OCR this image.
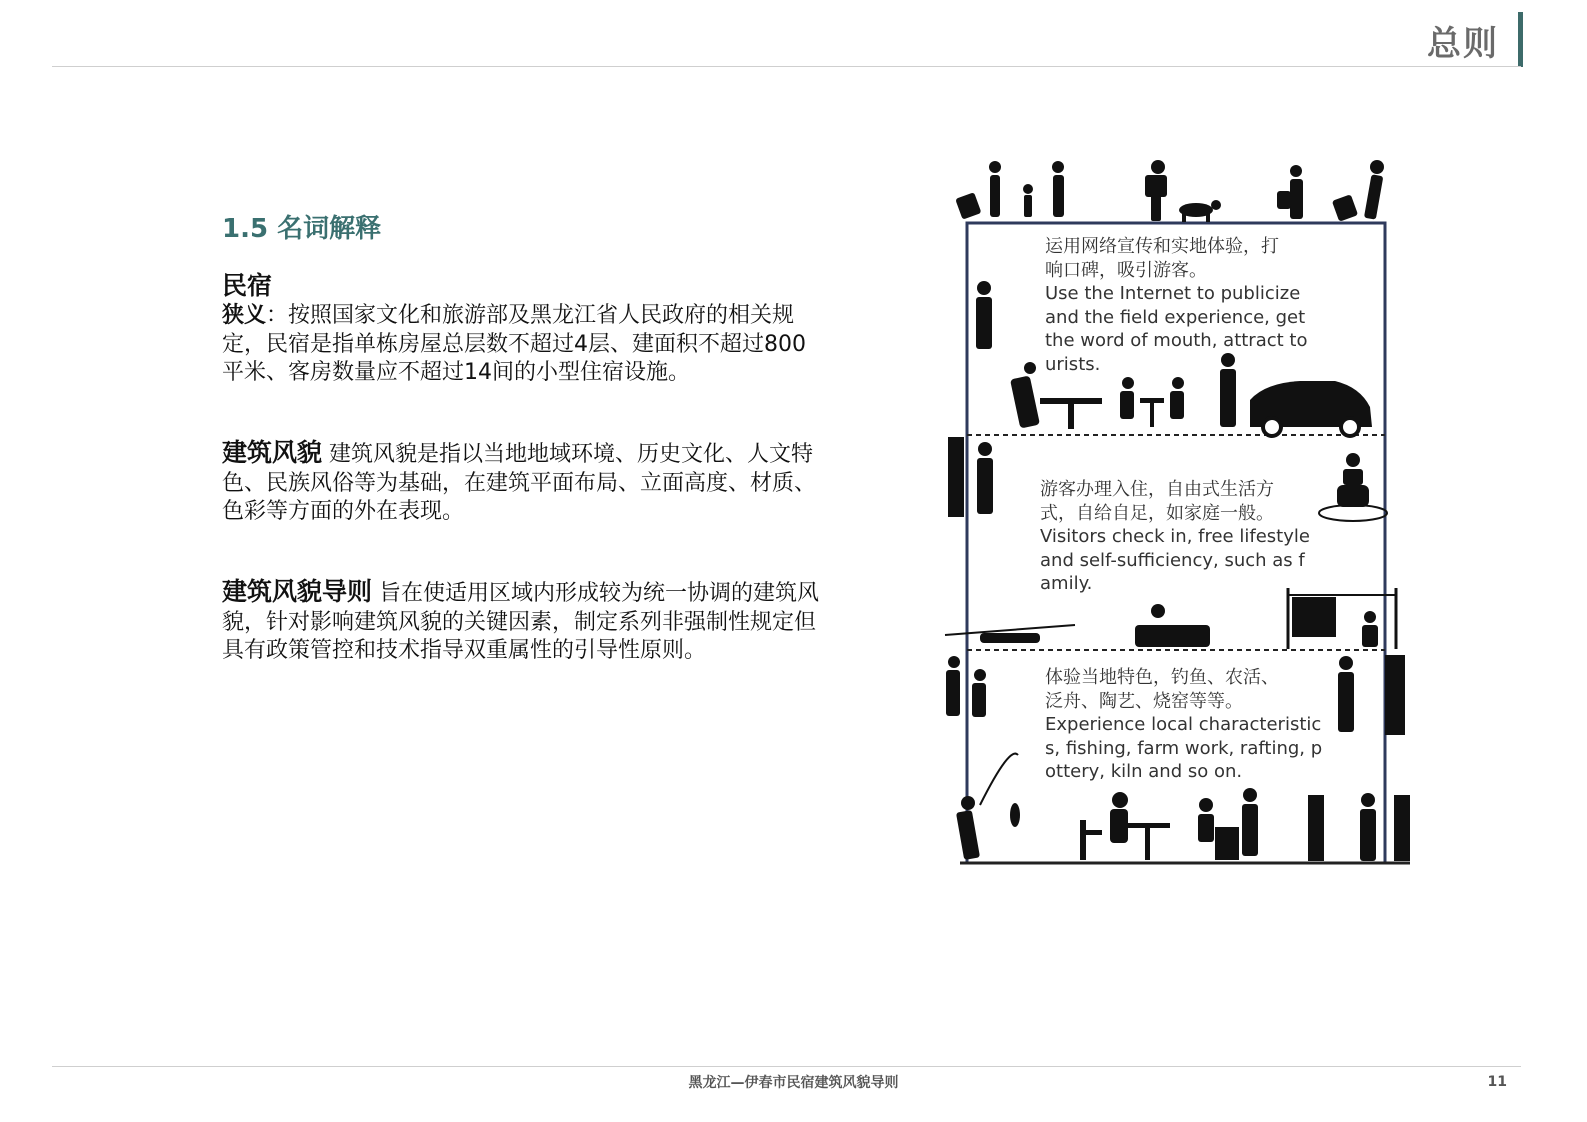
总则
1.5 名词解释
民宿
狭义：按照国家文化和旅游部及黑龙江省人民政府的相关规定，民宿是指单栋房屋总层数不超过4层、建面积不超过800平米、客房数量应不超过14间的小型住宿设施。
建筑风貌 建筑风貌是指以当地地域环境、历史文化、人文特色、民族风俗等为基础，在建筑平面布局、立面高度、材质、色彩等方面的外在表现。
建筑风貌导则 旨在使适用区域内形成较为统一协调的建筑风貌，针对影响建筑风貌的关键因素，制定系列非强制性规定但具有政策管控和技术指导双重属性的引导性原则。
运用网络宣传和实地体验，打
响口碑，吸引游客。
Use the Internet to publicize
and the field experience, get
the word of mouth, attract to
urists.
游客办理入住，自由式生活方
式，自给自足，如家庭一般。
Visitors check in, free lifestyle
and self-sufficiency, such as f
amily.
体验当地特色，钓鱼、农活、
泛舟、陶艺、烧窑等等。
Experience local characteristic
s, fishing, farm work, rafting, p
ottery, kiln and so on.
黑龙江—伊春市民宿建筑风貌导则	11
